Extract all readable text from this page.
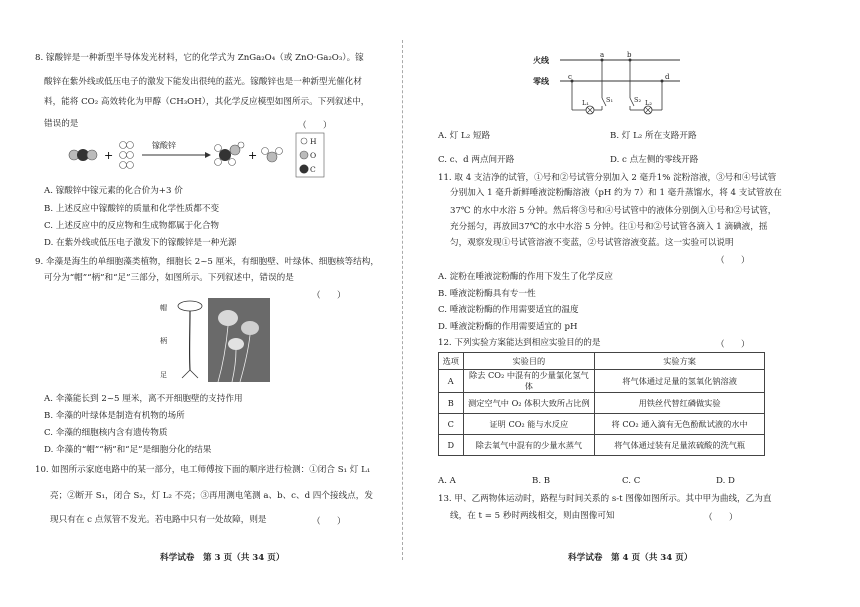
8. 镓酸锌是一种新型半导体发光材料，它的化学式为 ZnGa₂O₄（或 ZnO·Ga₂O₃）。镓
酸锌在紫外线或低压电子的激发下能发出很纯的蓝光。镓酸锌也是一种新型光催化材
料，能将 CO₂ 高效转化为甲醇（CH₃OH），其化学反应模型如图所示。下列叙述中，
错误的是	（      ）
+	+
镓酸锌	H
O
C
A. 镓酸锌中镓元素的化合价为+3 价
B. 上述反应中镓酸锌的质量和化学性质都不变
C. 上述反应中的反应物和生成物都属于化合物
D. 在紫外线或低压电子激发下的镓酸锌是一种光源
9. 伞藻是海生的单细胞藻类植物，细胞长 2~5 厘米，有细胞壁、叶绿体、细胞核等结构，
可分为“帽”“柄”和“足”三部分，如图所示。下列叙述中，错误的是
（      ）
帽
柄
足
A. 伞藻能长到 2~5 厘米，离不开细胞壁的支持作用
B. 伞藻的叶绿体是制造有机物的场所
C. 伞藻的细胞核内含有遗传物质
D. 伞藻的“帽”“柄”和“足”是细胞分化的结果
10. 如图所示家庭电路中的某一部分，电工师傅按下面的顺序进行检测：①闭合 S₁ 灯 L₁
亮；②断开 S₁，闭合 S₂，灯 L₂ 不亮；③再用测电笔测 a、b、c、d 四个接线点，发
现只有在 c 点氖管不发光。若电路中只有一处故障，则是	（      ）
科学试卷　第 3 页（共 34 页）
火线
零线
a	b
c	d
S₁	S₂
L₁	L₂
A. 灯 L₂ 短路	B. 灯 L₂ 所在支路开路
C. c、d 两点间开路	D. c 点左侧的零线开路
11. 取 4 支洁净的试管，①号和②号试管分别加入 2 毫升1% 淀粉溶液，③号和④号试管
分别加入 1 毫升新鲜唾液淀粉酶溶液（pH 约为 7）和 1 毫升蒸馏水，将 4 支试管放在
37℃ 的水中水浴 5 分钟。然后将③号和④号试管中的液体分别倒入①号和②号试管，
充分摇匀，再放回37℃的水中水浴 5 分钟。往①号和②号试管各滴入 1 滴碘液，摇
匀，观察发现①号试管溶液不变蓝，②号试管溶液变蓝。这一实验可以说明
（      ）
A. 淀粉在唾液淀粉酶的作用下发生了化学反应
B. 唾液淀粉酶具有专一性
C. 唾液淀粉酶的作用需要适宜的温度
D. 唾液淀粉酶的作用需要适宜的 pH
12. 下列实验方案能达到相应实验目的的是	（      ）
选项	实验目的	实验方案
A	除去 CO₂ 中混有的少量氯化氢气体	将气体通过足量的氢氧化钠溶液
B	测定空气中 O₂ 体积大致所占比例	用铁丝代替红磷做实验
C	证明 CO₂ 能与水反应	将 CO₂ 通入滴有无色酚酞试液的水中
D	除去氧气中混有的少量水蒸气	将气体通过装有足量浓硫酸的洗气瓶
A. A	B. B	C. C	D. D
13. 甲、乙两物体运动时，路程与时间关系的 s-t 图像如图所示。其中甲为曲线，乙为直
线，在 t = 5 秒时两线相交，则由图像可知	（      ）
科学试卷　第 4 页（共 34 页）
